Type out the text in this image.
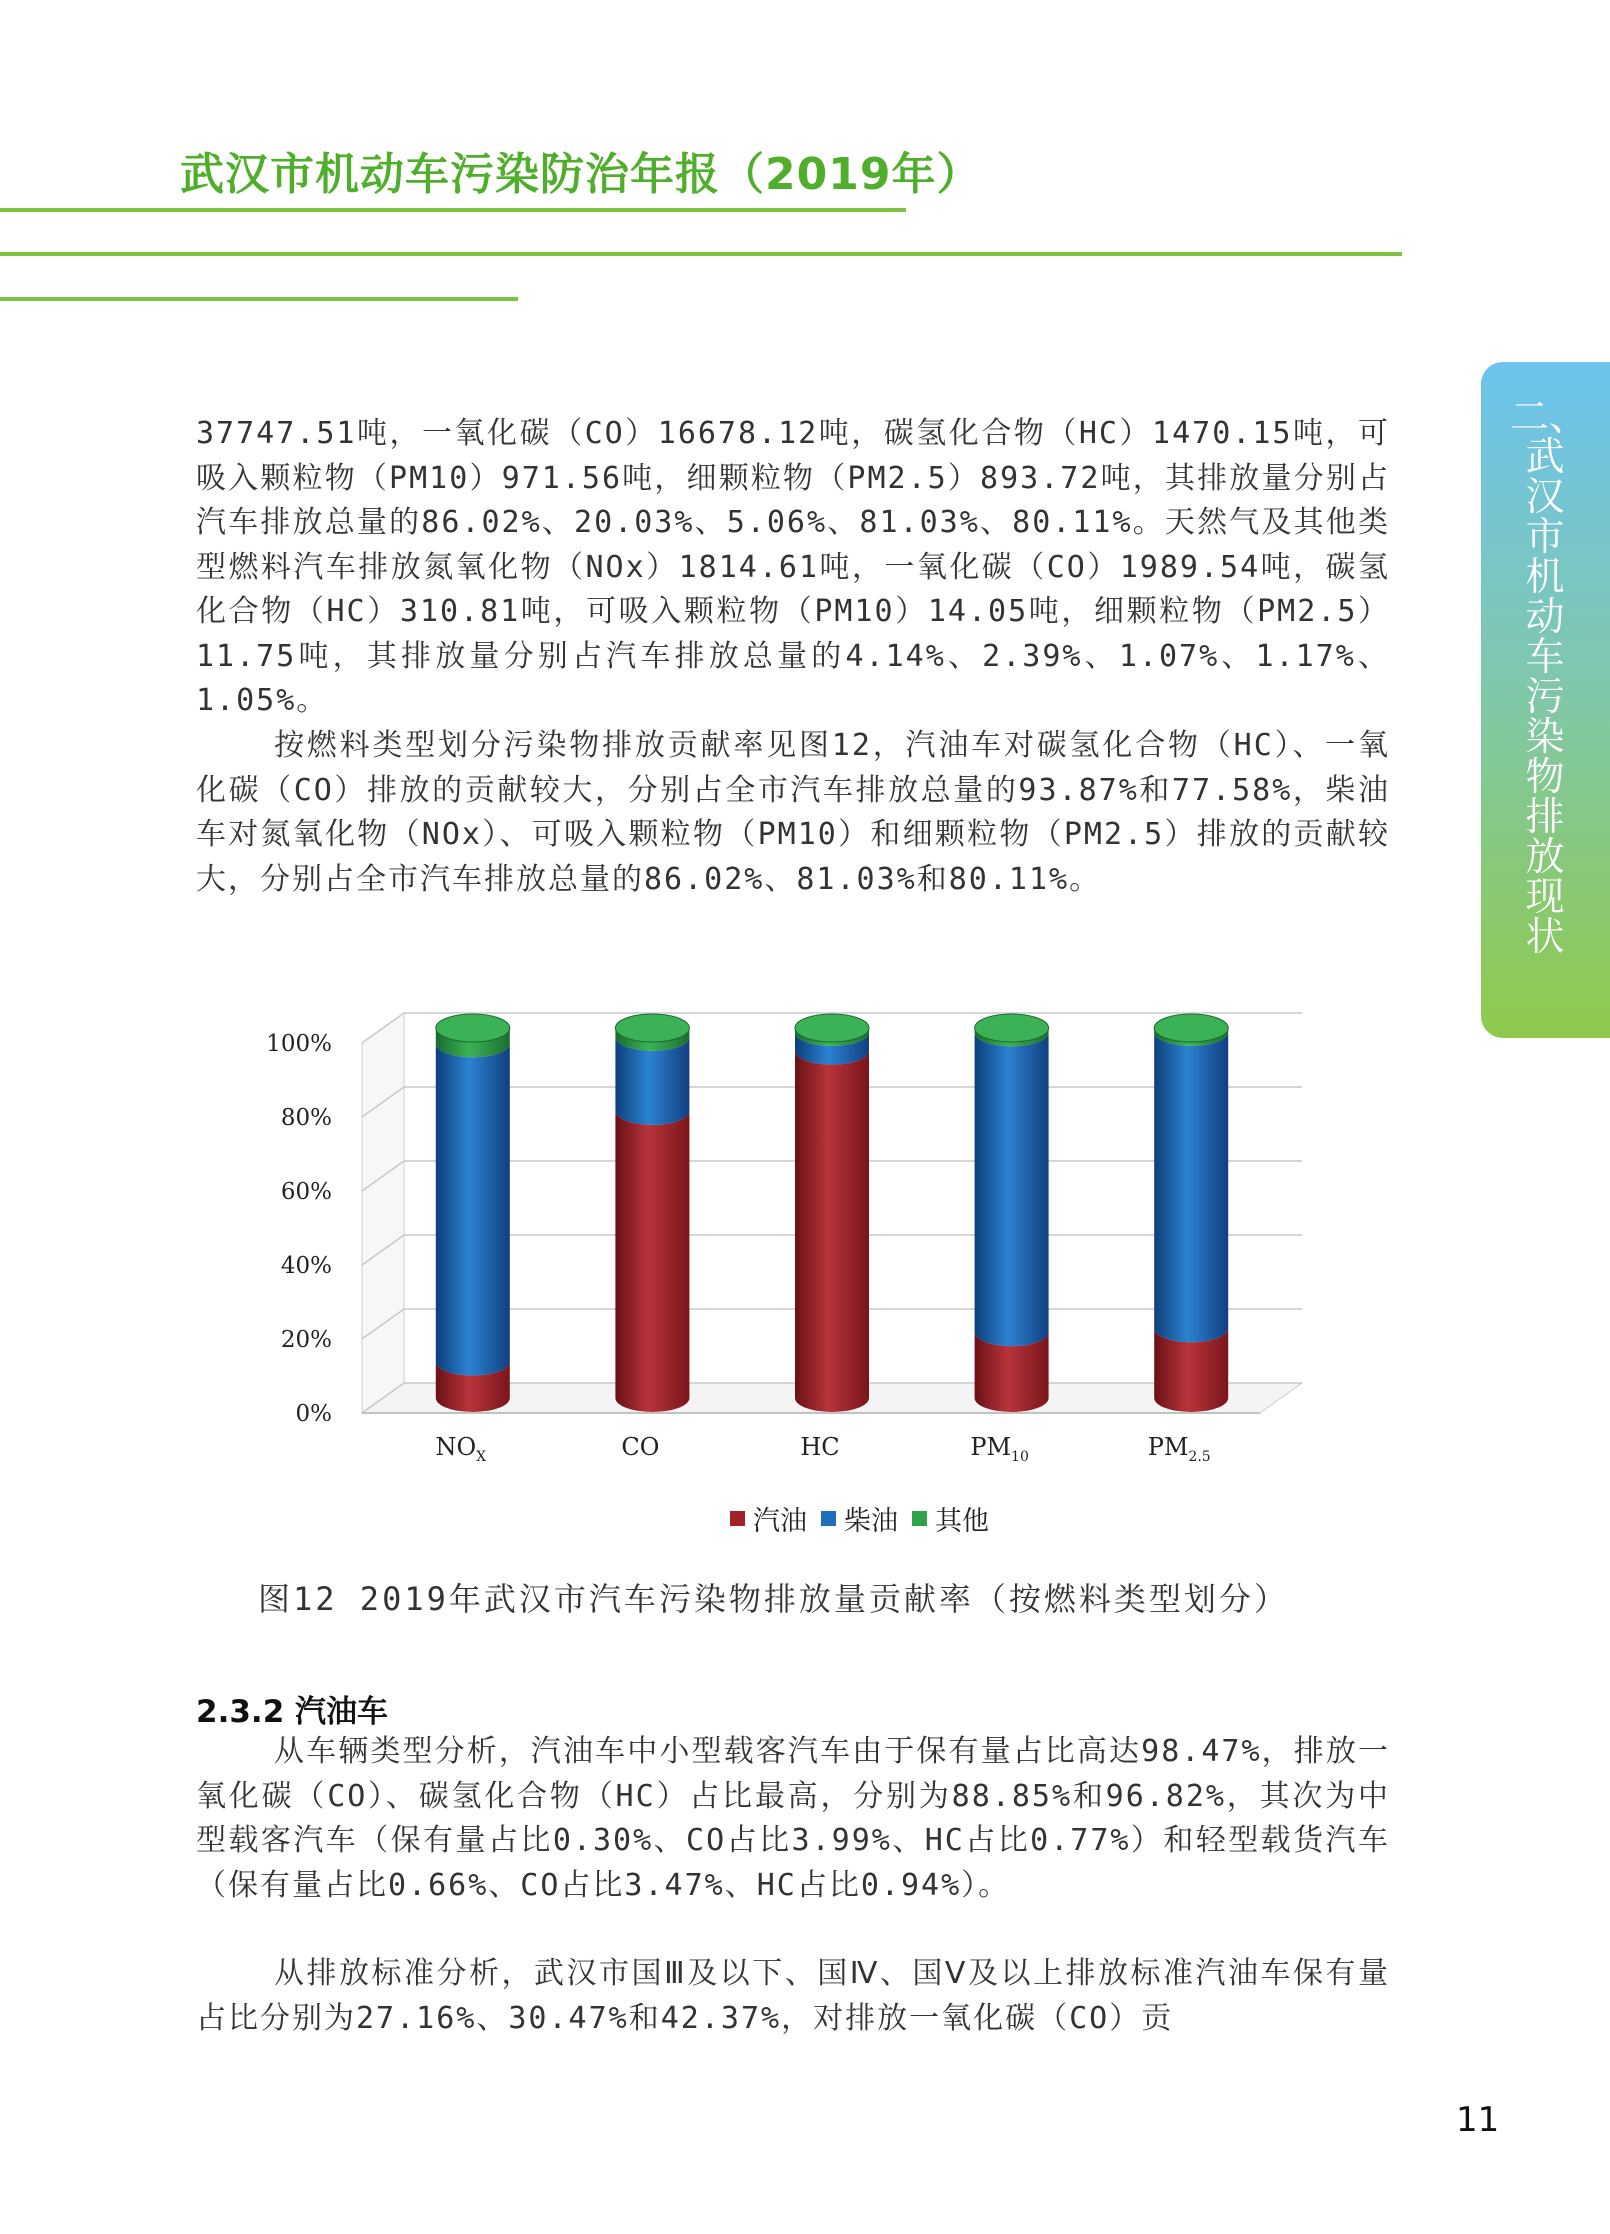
武汉市机动车污染防治年报（2019年）
二、武汉市机动车污染物排放现状
37747.51吨，一氧化碳（CO）16678.12吨，碳氢化合物（HC）1470.15吨，可吸入颗粒物（PM10）971.56吨，细颗粒物（PM2.5）893.72吨，其排放量分别占汽车排放总量的86.02%、20.03%、5.06%、81.03%、80.11%。天然气及其他类型燃料汽车排放氮氧化物（NOx）1814.61吨，一氧化碳（CO）1989.54吨，碳氢化合物（HC）310.81吨，可吸入颗粒物（PM10）14.05吨，细颗粒物（PM2.5）11.75吨，其排放量分别占汽车排放总量的4.14%、2.39%、1.07%、1.17%、1.05%。
按燃料类型划分污染物排放贡献率见图12，汽油车对碳氢化合物（HC）、一氧化碳（CO）排放的贡献较大，分别占全市汽车排放总量的93.87%和77.58%，柴油车对氮氧化物（NOx）、可吸入颗粒物（PM10）和细颗粒物（PM2.5）排放的贡献较大，分别占全市汽车排放总量的86.02%、81.03%和80.11%。
0%
20%
40%
60%
80%
100%
$NO_X$	CO	HC	$PM_{10}$	$PM_{2.5}$
汽油 柴油 其他
图12 2019年武汉市汽车污染物排放量贡献率（按燃料类型划分）
2.3.2 汽油车
从车辆类型分析，汽油车中小型载客汽车由于保有量占比高达98.47%，排放一氧化碳（CO）、碳氢化合物（HC）占比最高，分别为88.85%和96.82%，其次为中型载客汽车（保有量占比0.30%、CO占比3.99%、HC占比0.77%）和轻型载货汽车（保有量占比0.66%、CO占比3.47%、HC占比0.94%）。
从排放标准分析，武汉市国Ⅲ及以下、国Ⅳ、国Ⅴ及以上排放标准汽油车保有量占比分别为27.16%、30.47%和42.37%，对排放一氧化碳（CO）贡
11
